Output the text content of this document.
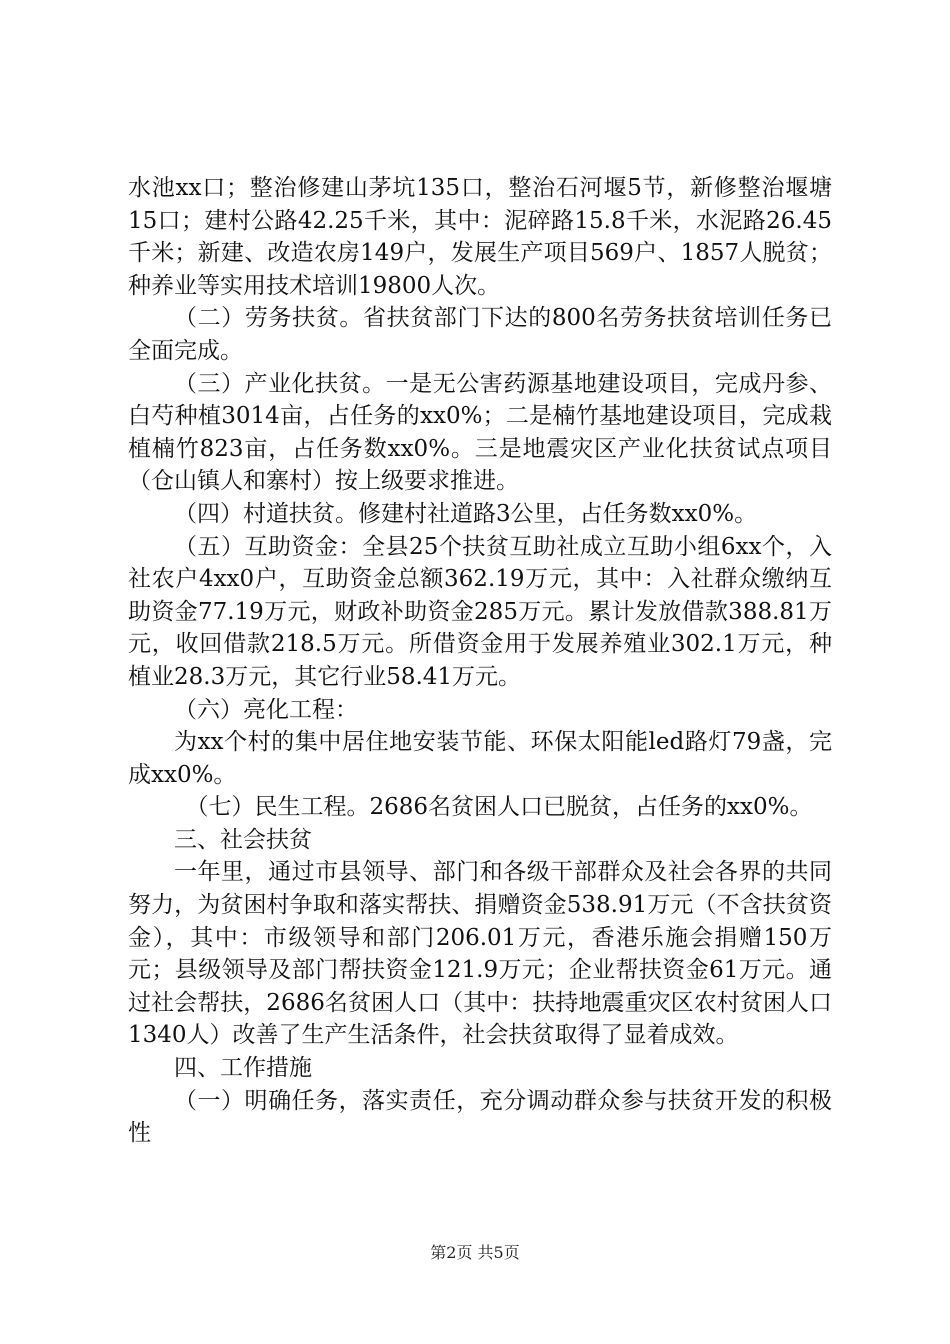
水池xx口；整治修建山茅坑135口，整治石河堰5节，新修整治堰塘15口；建村公路42.25千米，其中：泥碎路15.8千米，水泥路26.45千米；新建、改造农房149户，发展生产项目569户、1857人脱贫；种养业等实用技术培训19800人次。

（二）劳务扶贫。省扶贫部门下达的800名劳务扶贫培训任务已全面完成。

（三）产业化扶贫。一是无公害药源基地建设项目，完成丹参、白芍种植3014亩，占任务的xx0%；二是楠竹基地建设项目，完成栽植楠竹823亩，占任务数xx0%。三是地震灾区产业化扶贫试点项目（仓山镇人和寨村）按上级要求推进。

（四）村道扶贫。修建村社道路3公里，占任务数xx0%。

（五）互助资金：全县25个扶贫互助社成立互助小组6xx个，入社农户4xx0户，互助资金总额362.19万元，其中：入社群众缴纳互助资金77.19万元，财政补助资金285万元。累计发放借款388.81万元，收回借款218.5万元。所借资金用于发展养殖业302.1万元，种植业28.3万元，其它行业58.41万元。

（六）亮化工程：

为xx个村的集中居住地安装节能、环保太阳能led路灯79盏，完成xx0%。

（七）民生工程。2686名贫困人口已脱贫，占任务的xx0%。

三、社会扶贫

一年里，通过市县领导、部门和各级干部群众及社会各界的共同努力，为贫困村争取和落实帮扶、捐赠资金538.91万元（不含扶贫资金），其中：市级领导和部门206.01万元，香港乐施会捐赠150万元；县级领导及部门帮扶资金121.9万元；企业帮扶资金61万元。通过社会帮扶，2686名贫困人口（其中：扶持地震重灾区农村贫困人口1340人）改善了生产生活条件，社会扶贫取得了显着成效。

四、工作措施

（一）明确任务，落实责任，充分调动群众参与扶贫开发的积极性

第2页 共5页
